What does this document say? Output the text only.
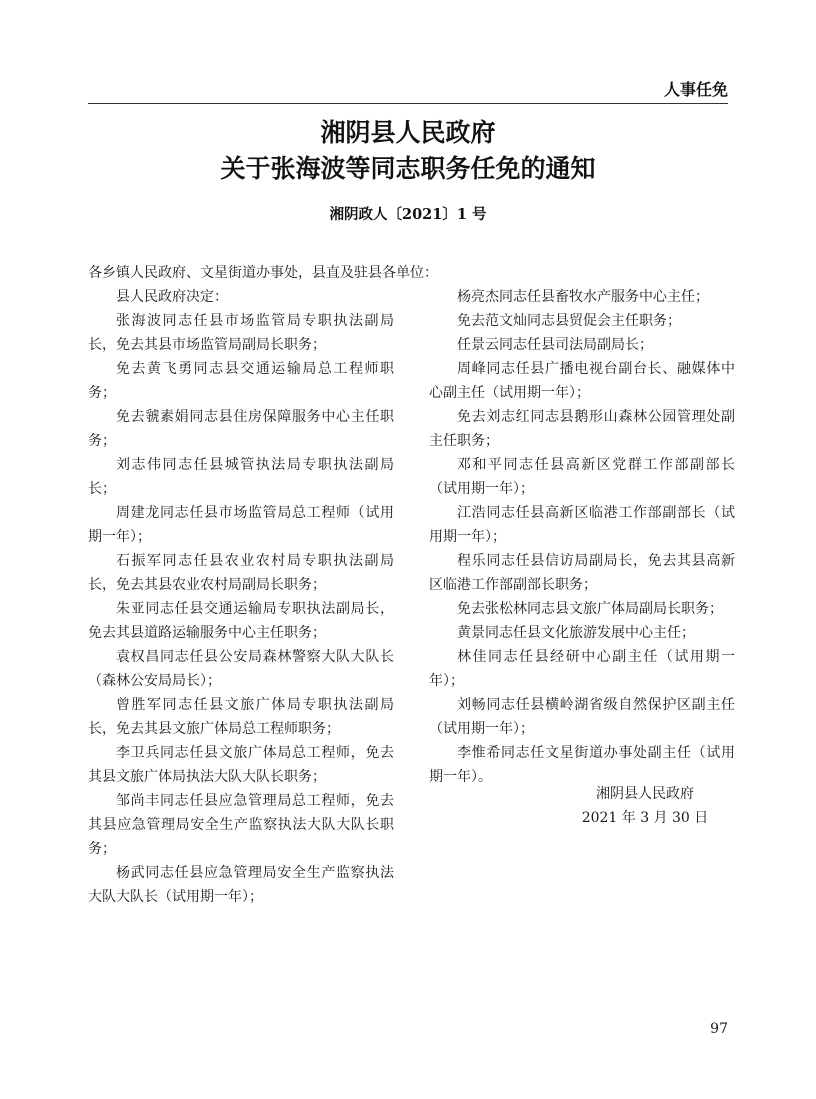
人事任免
湘阴县人民政府
关于张海波等同志职务任免的通知
湘阴政人〔2021〕1 号
各乡镇人民政府、文星街道办事处，县直及驻县各单位：

县人民政府决定：

张海波同志任县市场监管局专职执法副局长，免去其县市场监管局副局长职务；

免去黄飞勇同志县交通运输局总工程师职务；

免去虢素娟同志县住房保障服务中心主任职务；

刘志伟同志任县城管执法局专职执法副局长；

周建龙同志任县市场监管局总工程师（试用期一年）；

石振军同志任县农业农村局专职执法副局长，免去其县农业农村局副局长职务；

朱亚同志任县交通运输局专职执法副局长，免去其县道路运输服务中心主任职务；

袁权昌同志任县公安局森林警察大队大队长（森林公安局局长）；

曾胜军同志任县文旅广体局专职执法副局长，免去其县文旅广体局总工程师职务；

李卫兵同志任县文旅广体局总工程师，免去其县文旅广体局执法大队大队长职务；

邹尚丰同志任县应急管理局总工程师，免去其县应急管理局安全生产监察执法大队大队长职务；

杨武同志任县应急管理局安全生产监察执法大队大队长（试用期一年）；

杨亮杰同志任县畜牧水产服务中心主任；

免去范文灿同志县贸促会主任职务；

任景云同志任县司法局副局长；

周峰同志任县广播电视台副台长、融媒体中心副主任（试用期一年）；

免去刘志红同志县鹅形山森林公园管理处副主任职务；

邓和平同志任县高新区党群工作部副部长（试用期一年）；

江浩同志任县高新区临港工作部副部长（试用期一年）；

程乐同志任县信访局副局长，免去其县高新区临港工作部副部长职务；

免去张松林同志县文旅广体局副局长职务；

黄景同志任县文化旅游发展中心主任；

林佳同志任县经研中心副主任（试用期一年）；

刘畅同志任县横岭湖省级自然保护区副主任（试用期一年）；

李惟希同志任文星街道办事处副主任（试用期一年）。

湘阴县人民政府
2021 年 3 月 30 日
97
